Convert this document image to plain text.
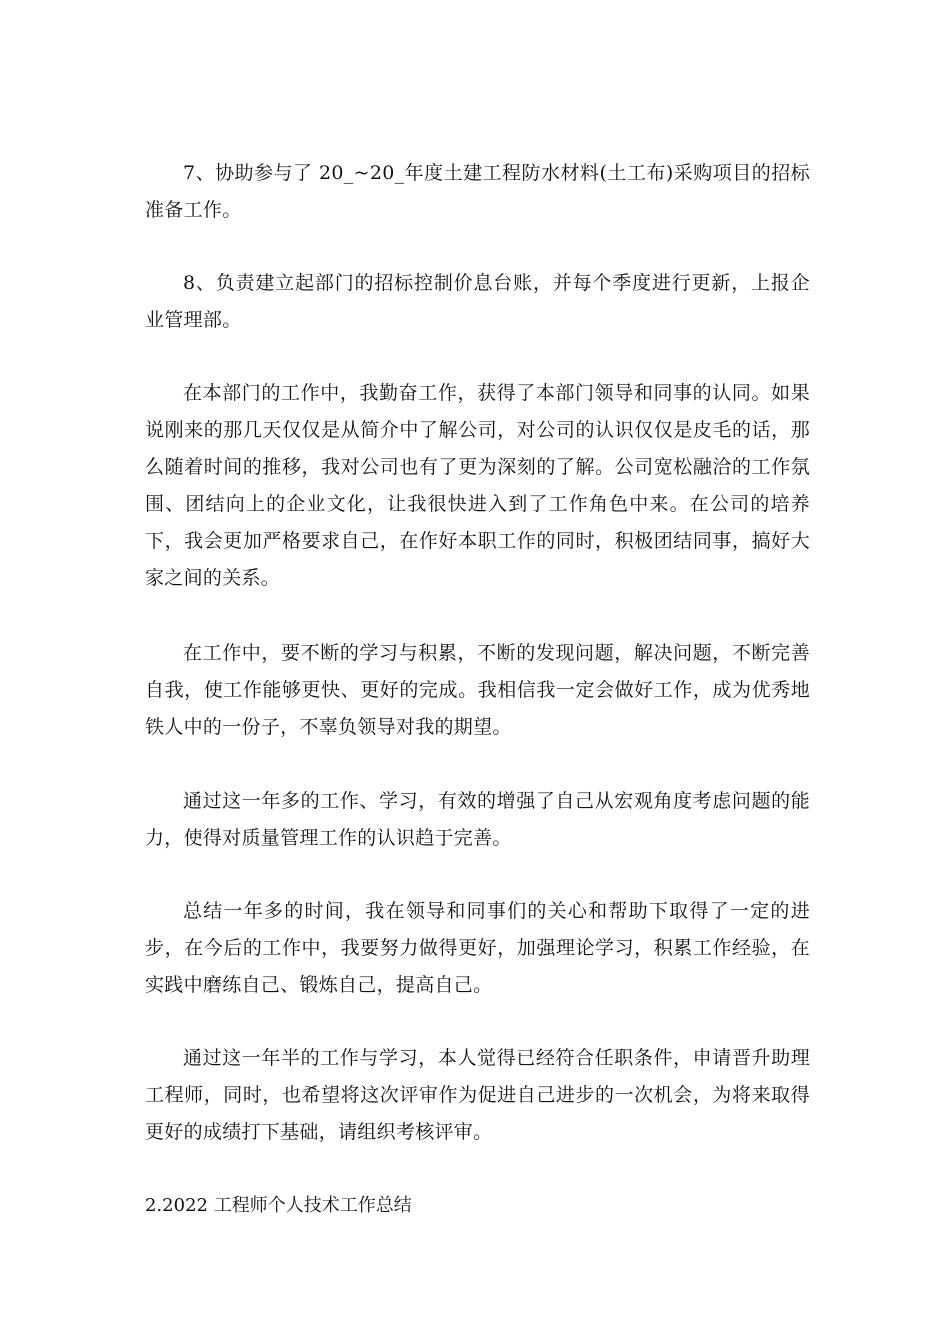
7、协助参与了 20_~20_年度土建工程防水材料(土工布)采购项目的招标准备工作。

8、负责建立起部门的招标控制价息台账，并每个季度进行更新，上报企业管理部。

在本部门的工作中，我勤奋工作，获得了本部门领导和同事的认同。如果说刚来的那几天仅仅是从简介中了解公司，对公司的认识仅仅是皮毛的话，那么随着时间的推移，我对公司也有了更为深刻的了解。公司宽松融洽的工作氛围、团结向上的企业文化，让我很快进入到了工作角色中来。在公司的培养下，我会更加严格要求自己，在作好本职工作的同时，积极团结同事，搞好大家之间的关系。

在工作中，要不断的学习与积累，不断的发现问题，解决问题，不断完善自我，使工作能够更快、更好的完成。我相信我一定会做好工作，成为优秀地铁人中的一份子，不辜负领导对我的期望。

通过这一年多的工作、学习，有效的增强了自己从宏观角度考虑问题的能力，使得对质量管理工作的认识趋于完善。

总结一年多的时间，我在领导和同事们的关心和帮助下取得了一定的进步，在今后的工作中，我要努力做得更好，加强理论学习，积累工作经验，在实践中磨练自己、锻炼自己，提高自己。

通过这一年半的工作与学习，本人觉得已经符合任职条件，申请晋升助理工程师，同时，也希望将这次评审作为促进自己进步的一次机会，为将来取得更好的成绩打下基础，请组织考核评审。

2.2022 工程师个人技术工作总结
